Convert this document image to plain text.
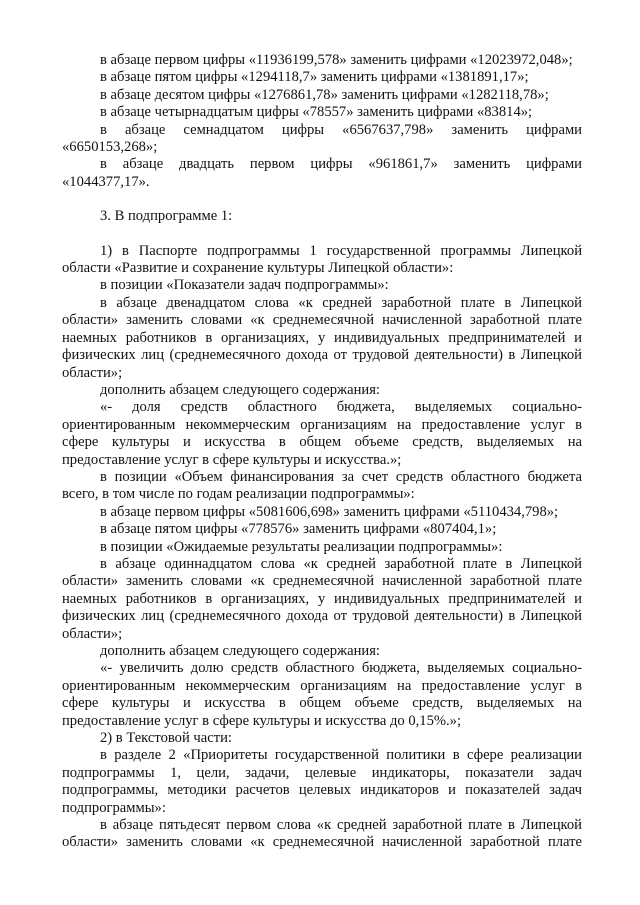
в абзаце первом цифры «11936199,578» заменить цифрами «12023972,048»;

в абзаце пятом цифры «1294118,7» заменить цифрами «1381891,17»;

в абзаце десятом цифры «1276861,78» заменить цифрами «1282118,78»;

в абзаце четырнадцатым цифры «78557» заменить цифрами «83814»;

в абзаце семнадцатом цифры «6567637,798» заменить цифрами «6650153,268»;

в абзаце двадцать первом цифры «961861,7» заменить цифрами «1044377,17».

3. В подпрограмме 1:

1) в Паспорте подпрограммы 1 государственной программы Липецкой области «Развитие и сохранение культуры Липецкой области»:

в позиции «Показатели задач подпрограммы»:

в абзаце двенадцатом слова «к средней заработной плате в Липецкой области» заменить словами «к среднемесячной начисленной заработной плате наемных работников в организациях, у индивидуальных предпринимателей и физических лиц (среднемесячного дохода от трудовой деятельности) в Липецкой области»;

дополнить абзацем следующего содержания:

«- доля средств областного бюджета, выделяемых социально-ориентированным некоммерческим организациям на предоставление услуг в сфере культуры и искусства в общем объеме средств, выделяемых на предоставление услуг в сфере культуры и искусства.»;

в позиции «Объем финансирования за счет средств областного бюджета всего, в том числе по годам реализации подпрограммы»:

в абзаце первом цифры «5081606,698» заменить цифрами «5110434,798»;

в абзаце пятом цифры «778576» заменить цифрами «807404,1»;

в позиции «Ожидаемые результаты реализации подпрограммы»:

в абзаце одиннадцатом слова «к средней заработной плате в Липецкой области» заменить словами «к среднемесячной начисленной заработной плате наемных работников в организациях, у индивидуальных предпринимателей и физических лиц (среднемесячного дохода от трудовой деятельности) в Липецкой области»;

дополнить абзацем следующего содержания:

«- увеличить долю средств областного бюджета, выделяемых социально-ориентированным некоммерческим организациям на предоставление услуг в сфере культуры и искусства в общем объеме средств, выделяемых на предоставление услуг в сфере культуры и искусства до 0,15%.»;

2) в Текстовой части:

в разделе 2 «Приоритеты государственной политики в сфере реализации подпрограммы 1, цели, задачи, целевые индикаторы, показатели задач подпрограммы, методики расчетов целевых индикаторов и показателей задач подпрограммы»:

в абзаце пятьдесят первом слова «к средней заработной плате в Липецкой области» заменить словами «к среднемесячной начисленной заработной плате
